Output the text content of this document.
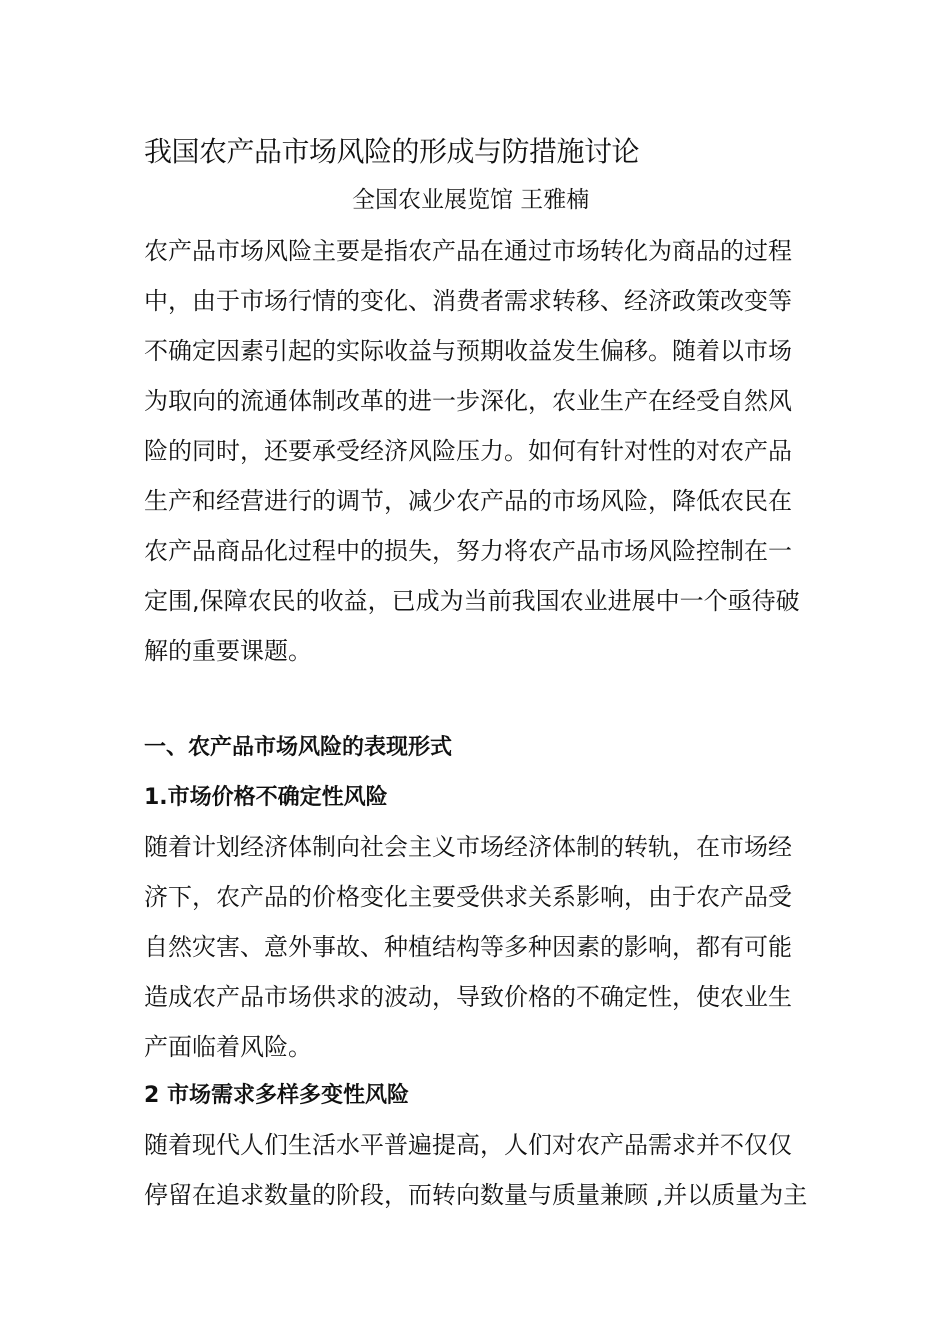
我国农产品市场风险的形成与防措施讨论

全国农业展览馆 王雅楠

农产品市场风险主要是指农产品在通过市场转化为商品的过程
中，由于市场行情的变化、消费者需求转移、经济政策改变等
不确定因素引起的实际收益与预期收益发生偏移。随着以市场
为取向的流通体制改革的进一步深化，农业生产在经受自然风
险的同时，还要承受经济风险压力。如何有针对性的对农产品
生产和经营进行的调节，减少农产品的市场风险，降低农民在
农产品商品化过程中的损失，努力将农产品市场风险控制在一
定围,保障农民的收益，已成为当前我国农业进展中一个亟待破
解的重要课题。
一、农产品市场风险的表现形式
1.市场价格不确定性风险
随着计划经济体制向社会主义市场经济体制的转轨，在市场经
济下，农产品的价格变化主要受供求关系影响，由于农产品受
自然灾害、意外事故、种植结构等多种因素的影响，都有可能
造成农产品市场供求的波动，导致价格的不确定性，使农业生
产面临着风险。
2 市场需求多样多变性风险
随着现代人们生活水平普遍提高，人们对农产品需求并不仅仅
停留在追求数量的阶段，而转向数量与质量兼顾 ,并以质量为主
